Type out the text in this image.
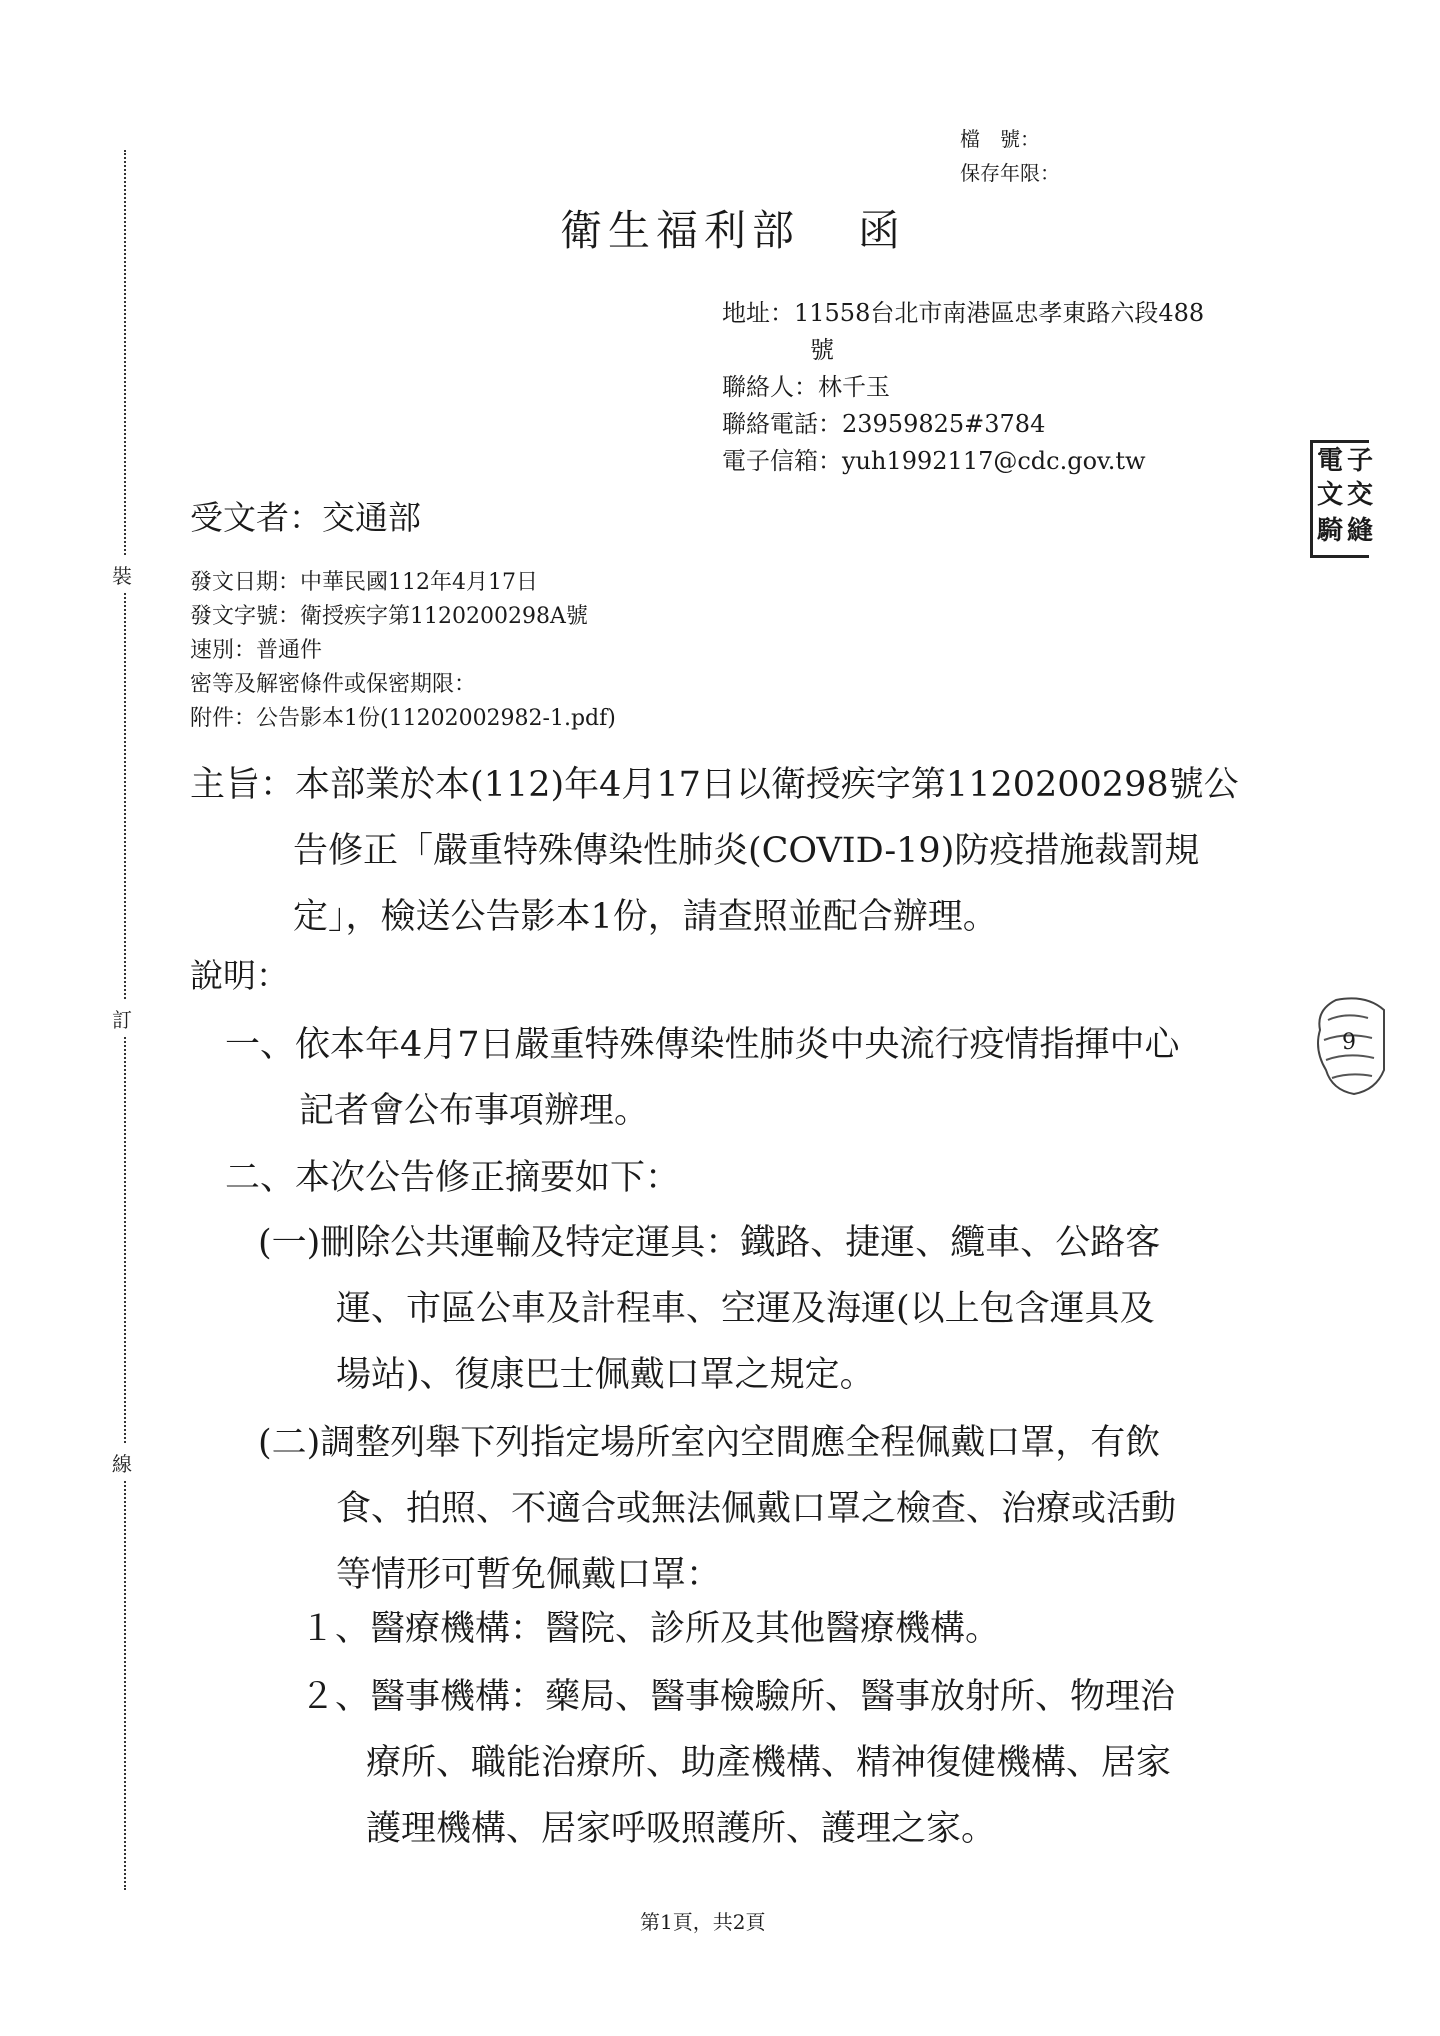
裝
訂
線
檔　號：
保存年限：
衛生福利部 函
地址：11558台北市南港區忠孝東路六段488
號
聯絡人：林千玉
聯絡電話：23959825#3784
電子信箱：yuh1992117@cdc.gov.tw
受文者：交通部
發文日期：中華民國112年4月17日
發文字號：衛授疾字第1120200298A號
速別：普通件
密等及解密條件或保密期限：
附件：公告影本1份(11202002982-1.pdf)
主旨：本部業於本(112)年4月17日以衛授疾字第1120200298號公
告修正「嚴重特殊傳染性肺炎(COVID-19)防疫措施裁罰規
定」，檢送公告影本1份，請查照並配合辦理。
說明：
一、依本年4月7日嚴重特殊傳染性肺炎中央流行疫情指揮中心
記者會公布事項辦理。
二、本次公告修正摘要如下：
(一)刪除公共運輸及特定運具：鐵路、捷運、纜車、公路客
運、市區公車及計程車、空運及海運(以上包含運具及
場站)、復康巴士佩戴口罩之規定。
(二)調整列舉下列指定場所室內空間應全程佩戴口罩，有飲
食、拍照、不適合或無法佩戴口罩之檢查、治療或活動
等情形可暫免佩戴口罩：
１、醫療機構：醫院、診所及其他醫療機構。
２、醫事機構：藥局、醫事檢驗所、醫事放射所、物理治
療所、職能治療所、助產機構、精神復健機構、居家
護理機構、居家呼吸照護所、護理之家。
電
文
騎
子
交
縫
9
第1頁，共2頁
